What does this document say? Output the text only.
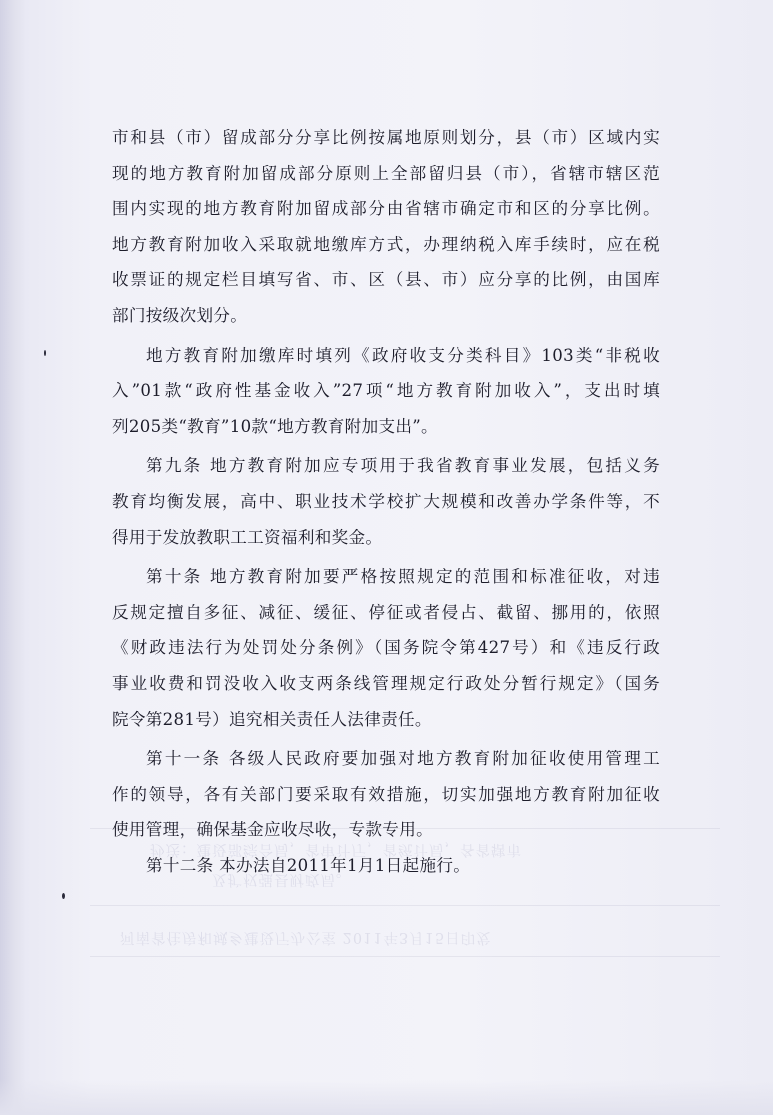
抄送：建设部综合局，省审计厅，省统计局，各省辖市
及扩权强县财政局。
河南省住房和城乡建设厅办公室 2011年3月15日印发
市和县（市）留成部分分享比例按属地原则划分，县（市）区域内实
现的地方教育附加留成部分原则上全部留归县（市），省辖市辖区范
围内实现的地方教育附加留成部分由省辖市确定市和区的分享比例。
地方教育附加收入采取就地缴库方式，办理纳税入库手续时，应在税
收票证的规定栏目填写省、市、区（县、市）应分享的比例，由国库
部门按级次划分。
地方教育附加缴库时填列《政府收支分类科目》103类“非税收
入”01款“政府性基金收入”27项“地方教育附加收入”，支出时填
列205类“教育”10款“地方教育附加支出”。
第九条 地方教育附加应专项用于我省教育事业发展，包括义务
教育均衡发展，高中、职业技术学校扩大规模和改善办学条件等，不
得用于发放教职工工资福利和奖金。
第十条 地方教育附加要严格按照规定的范围和标准征收，对违
反规定擅自多征、减征、缓征、停征或者侵占、截留、挪用的，依照
《财政违法行为处罚处分条例》（国务院令第427号）和《违反行政
事业收费和罚没收入收支两条线管理规定行政处分暂行规定》（国务
院令第281号）追究相关责任人法律责任。
第十一条 各级人民政府要加强对地方教育附加征收使用管理工
作的领导，各有关部门要采取有效措施，切实加强地方教育附加征收
使用管理，确保基金应收尽收，专款专用。
第十二条 本办法自2011年1月1日起施行。
